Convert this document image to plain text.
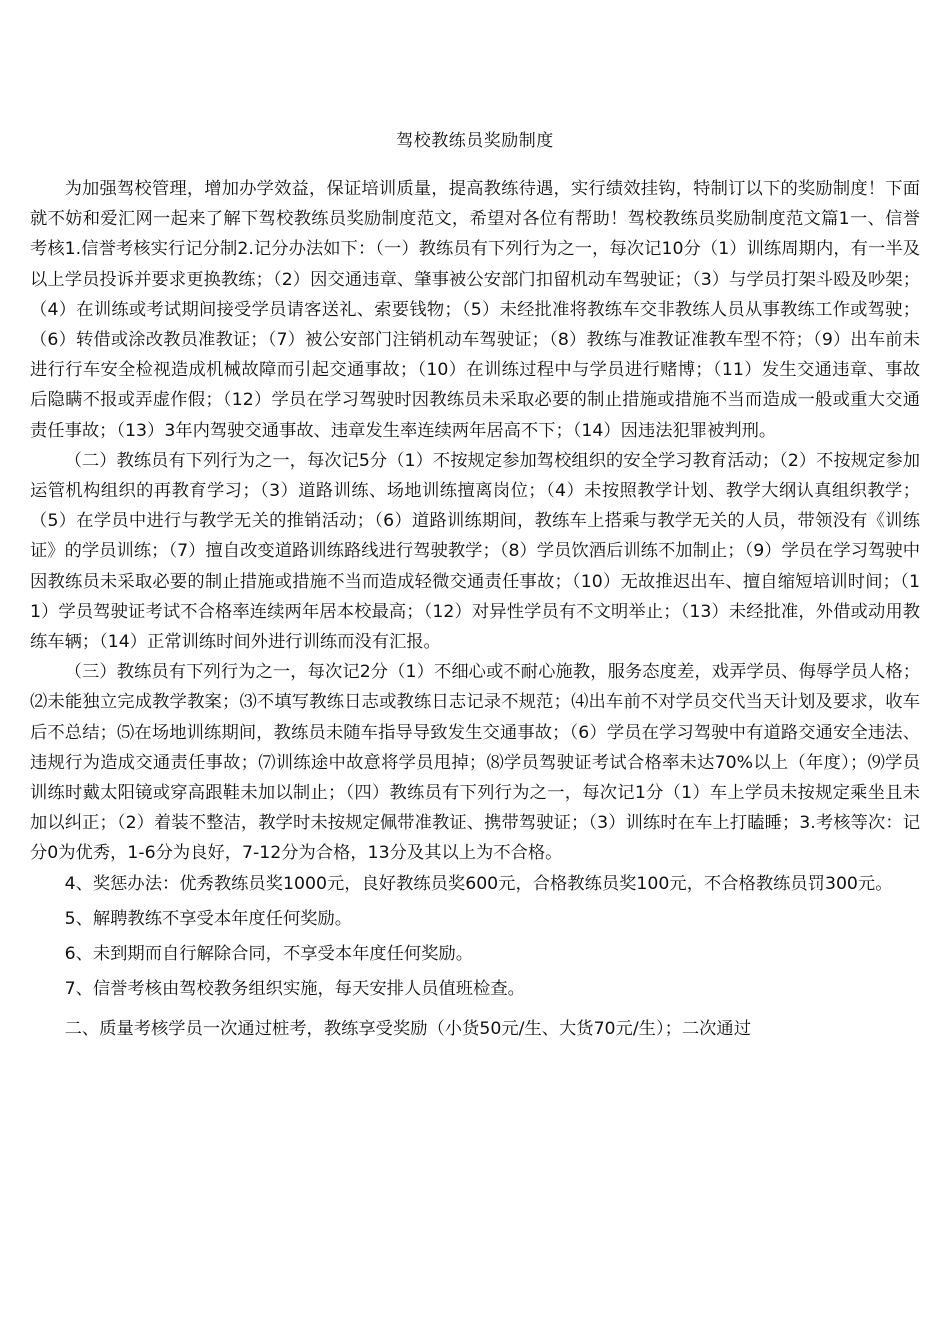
驾校教练员奖励制度

为加强驾校管理，增加办学效益，保证培训质量，提高教练待遇，实行绩效挂钩，特制订以下的奖励制度！下面就不妨和爱汇网一起来了解下驾校教练员奖励制度范文，希望对各位有帮助！驾校教练员奖励制度范文篇1一、信誉考核1.信誉考核实行记分制2.记分办法如下：（一）教练员有下列行为之一，每次记10分（1）训练周期内，有一半及以上学员投诉并要求更换教练；（2）因交通违章、肇事被公安部门扣留机动车驾驶证；（3）与学员打架斗殴及吵架；（4）在训练或考试期间接受学员请客送礼、索要钱物；（5）未经批准将教练车交非教练人员从事教练工作或驾驶；（6）转借或涂改教员准教证；（7）被公安部门注销机动车驾驶证；（8）教练与准教证准教车型不符；（9）出车前未进行行车安全检视造成机械故障而引起交通事故；（10）在训练过程中与学员进行赌博；（11）发生交通违章、事故后隐瞒不报或弄虚作假；（12）学员在学习驾驶时因教练员未采取必要的制止措施或措施不当而造成一般或重大交通责任事故；（13）3年内驾驶交通事故、违章发生率连续两年居高不下；（14）因违法犯罪被判刑。

（二）教练员有下列行为之一，每次记5分（1）不按规定参加驾校组织的安全学习教育活动；（2）不按规定参加运管机构组织的再教育学习；（3）道路训练、场地训练擅离岗位；（4）未按照教学计划、教学大纲认真组织教学；（5）在学员中进行与教学无关的推销活动；（6）道路训练期间，教练车上搭乘与教学无关的人员，带领没有《训练证》的学员训练；（7）擅自改变道路训练路线进行驾驶教学；（8）学员饮酒后训练不加制止；（9）学员在学习驾驶中因教练员未采取必要的制止措施或措施不当而造成轻微交通责任事故；（10）无故推迟出车、擅自缩短培训时间；（11）学员驾驶证考试不合格率连续两年居本校最高；（12）对异性学员有不文明举止；（13）未经批准，外借或动用教练车辆；（14）正常训练时间外进行训练而没有汇报。

（三）教练员有下列行为之一，每次记2分（1）不细心或不耐心施教，服务态度差，戏弄学员、侮辱学员人格；⑵未能独立完成教学教案；⑶不填写教练日志或教练日志记录不规范；⑷出车前不对学员交代当天计划及要求，收车后不总结；⑸在场地训练期间，教练员未随车指导导致发生交通事故；（6）学员在学习驾驶中有道路交通安全违法、违规行为造成交通责任事故；⑺训练途中故意将学员甩掉；⑻学员驾驶证考试合格率未达70%以上（年度）；⑼学员训练时戴太阳镜或穿高跟鞋未加以制止；（四）教练员有下列行为之一，每次记1分（1）车上学员未按规定乘坐且未加以纠正；（2）着装不整洁，教学时未按规定佩带准教证、携带驾驶证；（3）训练时在车上打瞌睡；3.考核等次：记分0为优秀，1-6分为良好，7-12分为合格，13分及其以上为不合格。

4、奖惩办法：优秀教练员奖1000元，良好教练员奖600元，合格教练员奖100元，不合格教练员罚300元。

5、解聘教练不享受本年度任何奖励。

6、未到期而自行解除合同，不享受本年度任何奖励。

7、信誉考核由驾校教务组织实施，每天安排人员值班检查。

二、质量考核学员一次通过桩考，教练享受奖励（小货50元/生、大货70元/生）；二次通过
